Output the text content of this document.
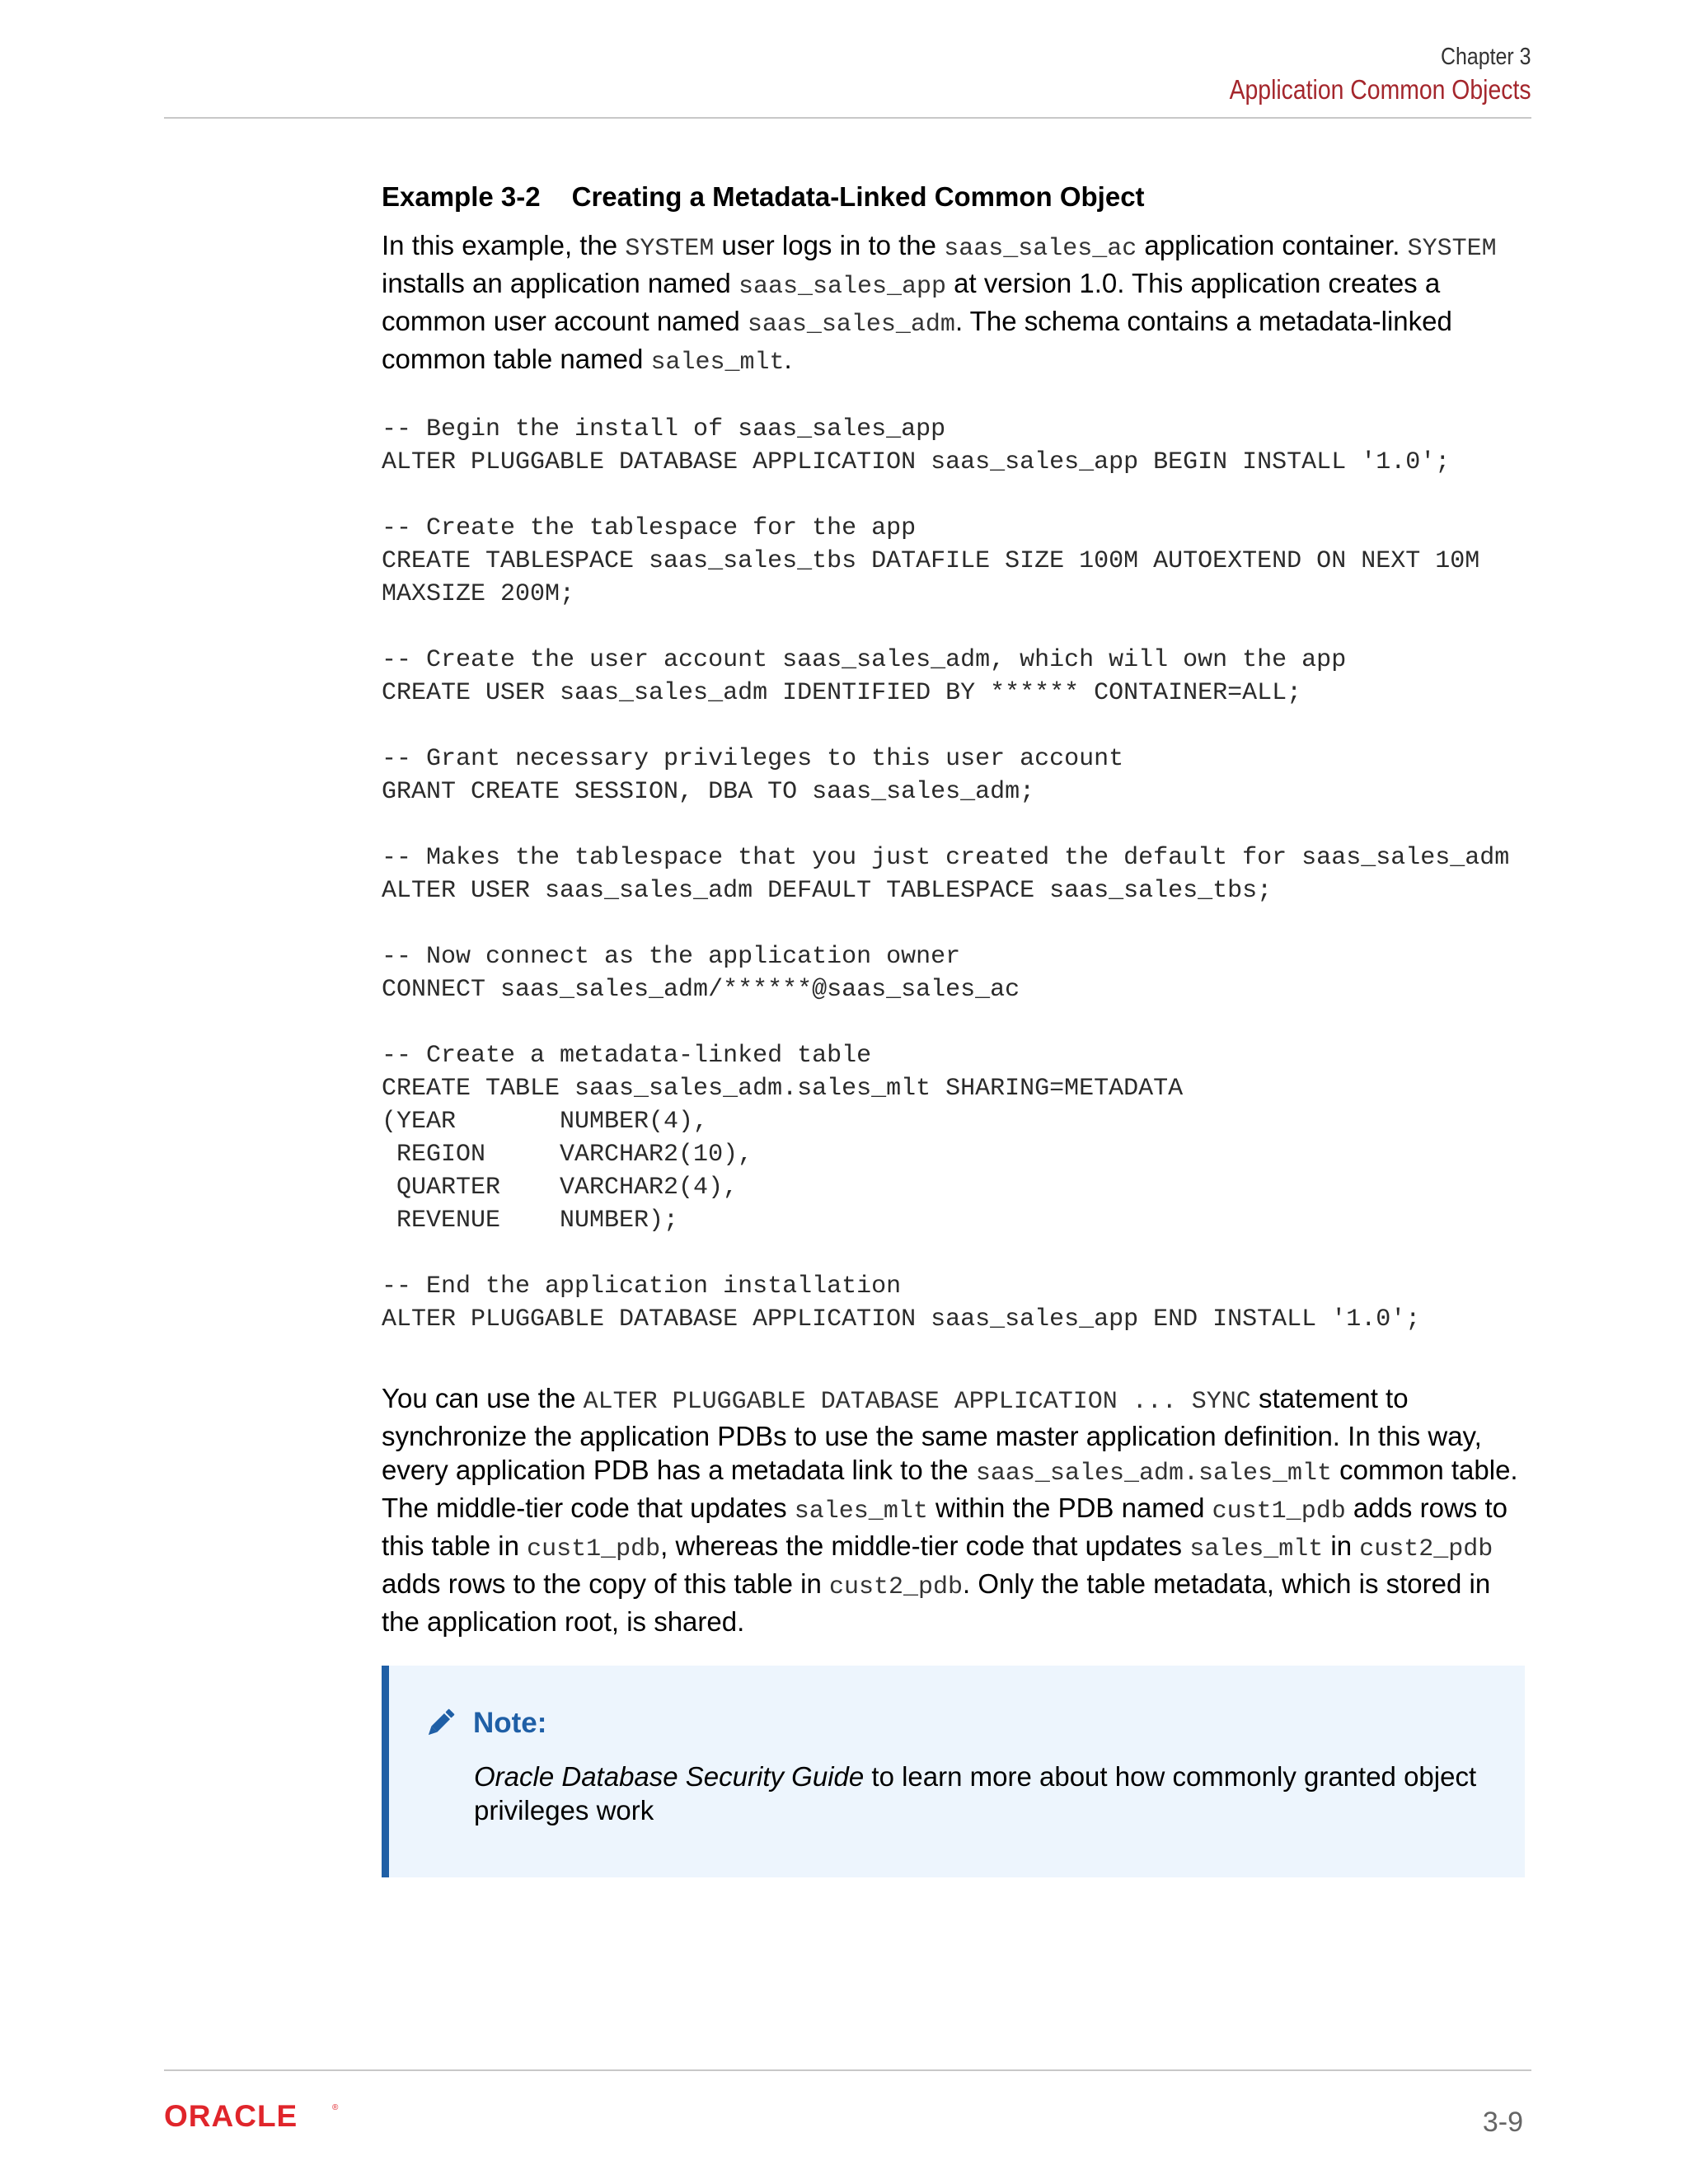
Chapter 3
Application Common Objects
Example 3-2 Creating a Metadata-Linked Common Object

In this example, the SYSTEM user logs in to the saas_sales_ac application container. SYSTEM installs an application named saas_sales_app at version 1.0. This application creates a common user account named saas_sales_adm. The schema contains a metadata-linked common table named sales_mlt.

-- Begin the install of saas_sales_app
ALTER PLUGGABLE DATABASE APPLICATION saas_sales_app BEGIN INSTALL '1.0';
-- Create the tablespace for the app
CREATE TABLESPACE saas_sales_tbs DATAFILE SIZE 100M AUTOEXTEND ON NEXT 10M
MAXSIZE 200M;
-- Create the user account saas_sales_adm, which will own the app
CREATE USER saas_sales_adm IDENTIFIED BY ****** CONTAINER=ALL;
-- Grant necessary privileges to this user account
GRANT CREATE SESSION, DBA TO saas_sales_adm;
-- Makes the tablespace that you just created the default for saas_sales_adm
ALTER USER saas_sales_adm DEFAULT TABLESPACE saas_sales_tbs;
-- Now connect as the application owner
CONNECT saas_sales_adm/******@saas_sales_ac
-- Create a metadata-linked table
CREATE TABLE saas_sales_adm.sales_mlt SHARING=METADATA
(YEAR       NUMBER(4),
REGION     VARCHAR2(10),
QUARTER    VARCHAR2(4),
REVENUE    NUMBER);
-- End the application installation
ALTER PLUGGABLE DATABASE APPLICATION saas_sales_app END INSTALL '1.0';

You can use the ALTER PLUGGABLE DATABASE APPLICATION ... SYNC statement to synchronize the application PDBs to use the same master application definition. In this way, every application PDB has a metadata link to the saas_sales_adm.sales_mlt common table. The middle-tier code that updates sales_mlt within the PDB named cust1_pdb adds rows to this table in cust1_pdb, whereas the middle-tier code that updates sales_mlt in cust2_pdb adds rows to the copy of this table in cust2_pdb. Only the table metadata, which is stored in the application root, is shared.

Note:
Oracle Database Security Guide to learn more about how commonly granted object privileges work
ORACLE	®	3-9
